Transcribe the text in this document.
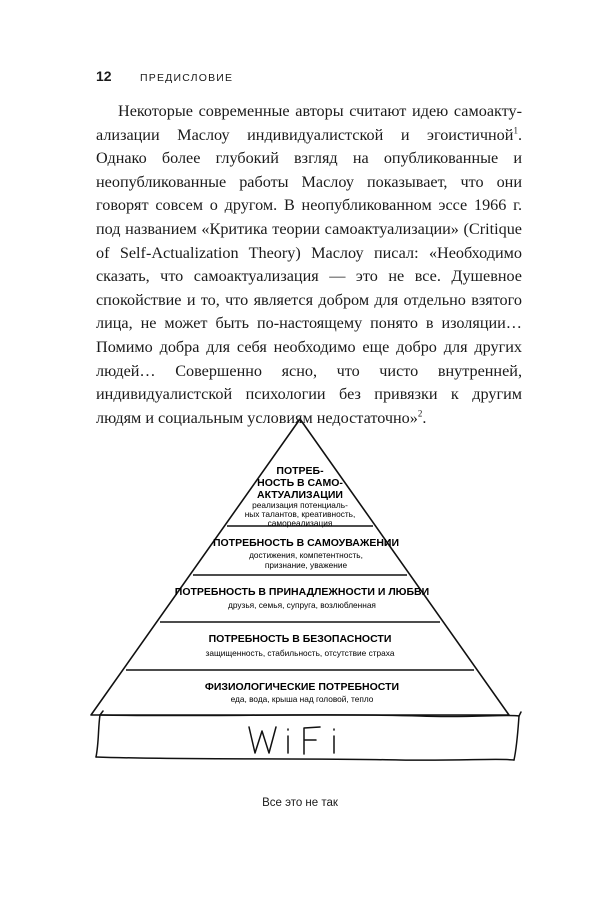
12	ПРЕДИСЛОВИЕ

Некоторые современные авторы считают идею самоактуализации Маслоу индивидуалистской и эгоистичной$^1$. Однако более глубокий взгляд на опубликованные и неопубликованные работы Маслоу показывает, что они говорят совсем о другом. В неопубликованном эссе 1966 г. под названием «Критика теории самоактуализации» (Critique of Self-Actualization Theory) Маслоу писал: «Необходимо сказать, что самоактуализация — это не все. Душевное спокойствие и то, что является добром для отдельно взятого лица, не может быть по-настоящему понято в изоляции… Помимо добра для себя необходимо еще добро для других людей… Совершенно ясно, что чисто внутренней, индивидуалистской психологии без привязки к другим людям и социальным условиям недостаточно»$^2$.

ПОТРЕБ-
НОСТЬ В САМО-
АКТУАЛИЗАЦИИ
реализация потенциаль-
ных талантов, креативность,
самореализация
ПОТРЕБНОСТЬ В САМОУВАЖЕНИИ
достижения, компетентность,
признание, уважение
ПОТРЕБНОСТЬ В ПРИНАДЛЕЖНОСТИ И ЛЮБВИ
друзья, семья, супруга, возлюбленная
ПОТРЕБНОСТЬ В БЕЗОПАСНОСТИ
защищенность, стабильность, отсутствие страха
ФИЗИОЛОГИЧЕСКИЕ ПОТРЕБНОСТИ
еда, вода, крыша над головой, тепло
Все это не так
